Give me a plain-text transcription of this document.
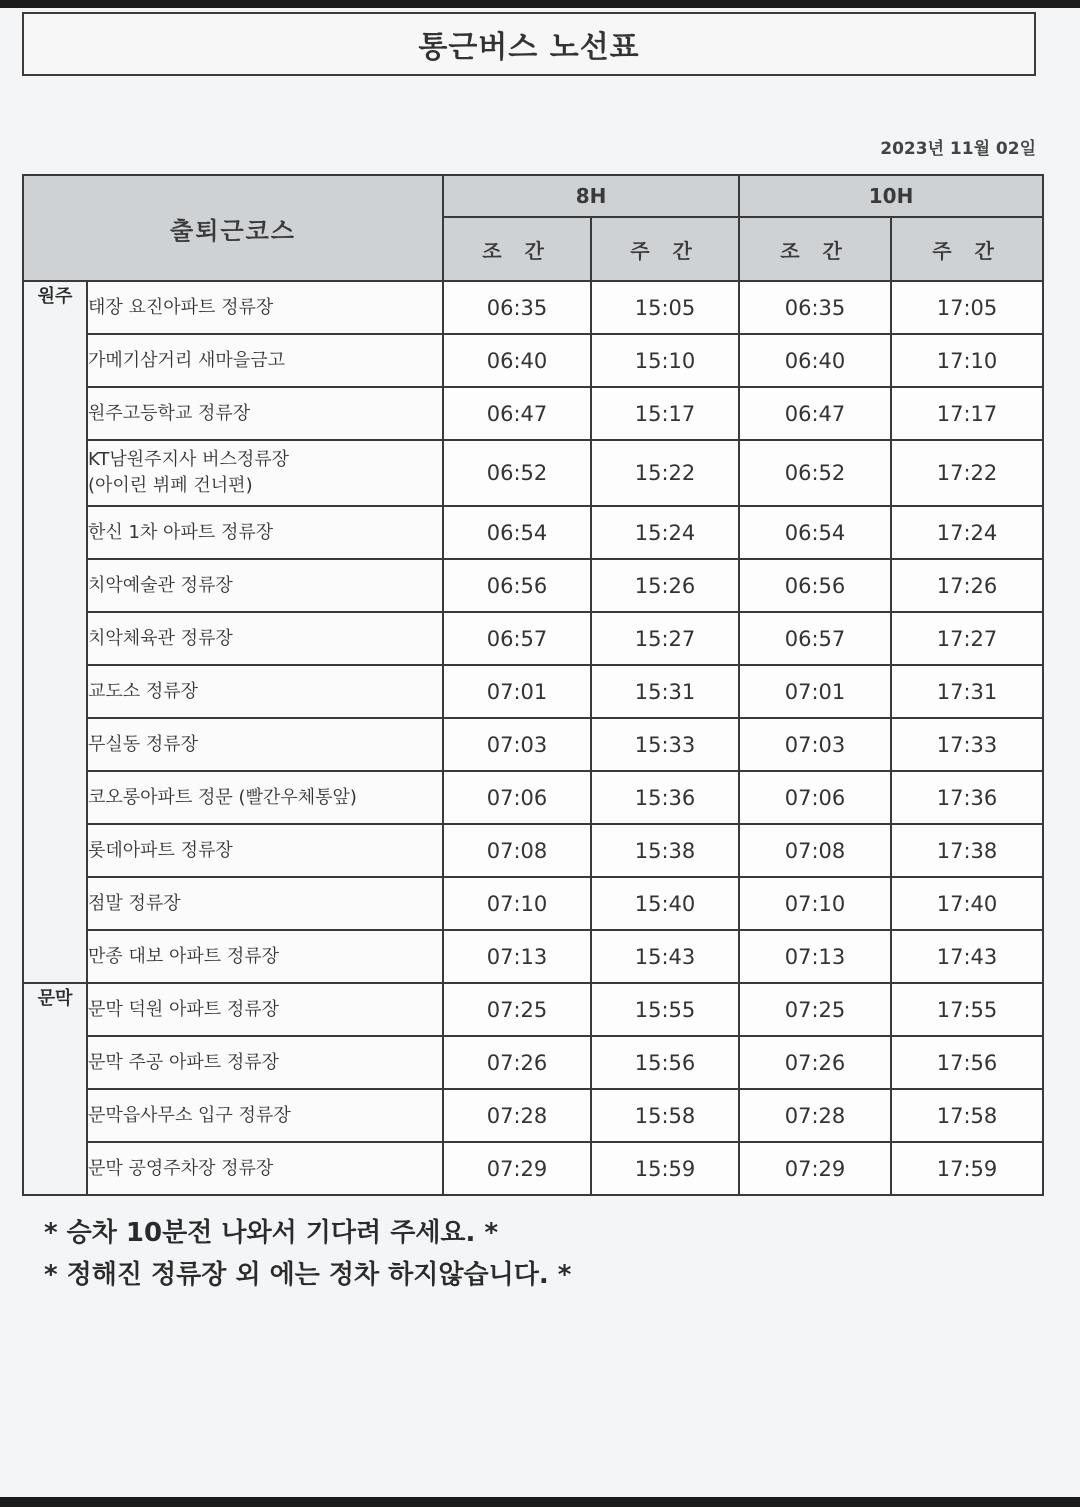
통근버스 노선표
2023년 11월 02일
출퇴근코스		8H		10H	
		조 간	주 간	조 간	주 간
원주	태장 요진아파트 정류장	06:35	15:05	06:35	17:05

	가메기삼거리 새마을금고	06:40	15:10	06:40	17:10

	원주고등학교 정류장	06:47	15:17	06:47	17:17

	KT남원주지사 버스정류장
(아이린 뷔페 건너편)	06:52	15:22	06:52	17:22

	한신 1차 아파트 정류장	06:54	15:24	06:54	17:24

	치악예술관 정류장	06:56	15:26	06:56	17:26

	치악체육관 정류장	06:57	15:27	06:57	17:27

	교도소 정류장	07:01	15:31	07:01	17:31

	무실동 정류장	07:03	15:33	07:03	17:33

	코오롱아파트 정문 (빨간우체통앞)	07:06	15:36	07:06	17:36

	롯데아파트 정류장	07:08	15:38	07:08	17:38

	점말 정류장	07:10	15:40	07:10	17:40

	만종 대보 아파트 정류장	07:13	15:43	07:13	17:43
문막	문막 덕원 아파트 정류장	07:25	15:55	07:25	17:55

	문막 주공 아파트 정류장	07:26	15:56	07:26	17:56

	문막읍사무소 입구 정류장	07:28	15:58	07:28	17:58

	문막 공영주차장 정류장	07:29	15:59	07:29	17:59
* 승차 10분전 나와서 기다려 주세요. *
* 정해진 정류장 외 에는 정차 하지않습니다. *
